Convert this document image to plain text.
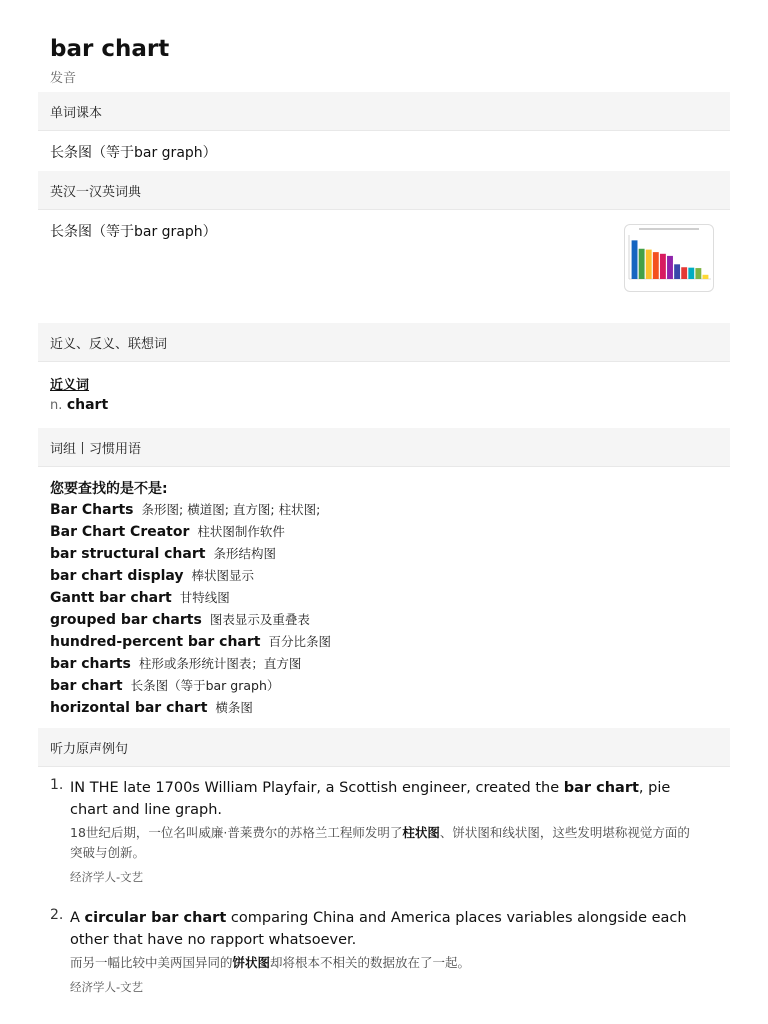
bar chart
发音
单词课本
长条图（等于bar graph）
英汉一汉英词典
长条图（等于bar graph）
近义、反义、联想词
近义词
n. chart
词组丨习惯用语
您要查找的是不是:
Bar Charts 条形图; 横道图; 直方图; 柱状图;
Bar Chart Creator 柱状图制作软件
bar structural chart 条形结构图
bar chart display 棒状图显示
Gantt bar chart 甘特线图
grouped bar charts 图表显示及重叠表
hundred-percent bar chart 百分比条图
bar charts 柱形或条形统计图表；直方图
bar chart 长条图（等于bar graph）
horizontal bar chart 横条图
听力原声例句
1. IN THE late 1700s William Playfair, a Scottish engineer, created the bar chart, pie chart and line graph.
18世纪后期，一位名叫威廉·普莱费尔的苏格兰工程师发明了柱状图、饼状图和线状图，这些发明堪称视觉方面的突破与创新。
经济学人-文艺
2. A circular bar chart comparing China and America places variables alongside each other that have no rapport whatsoever.
而另一幅比较中美两国异同的饼状图却将根本不相关的数据放在了一起。
经济学人-文艺
